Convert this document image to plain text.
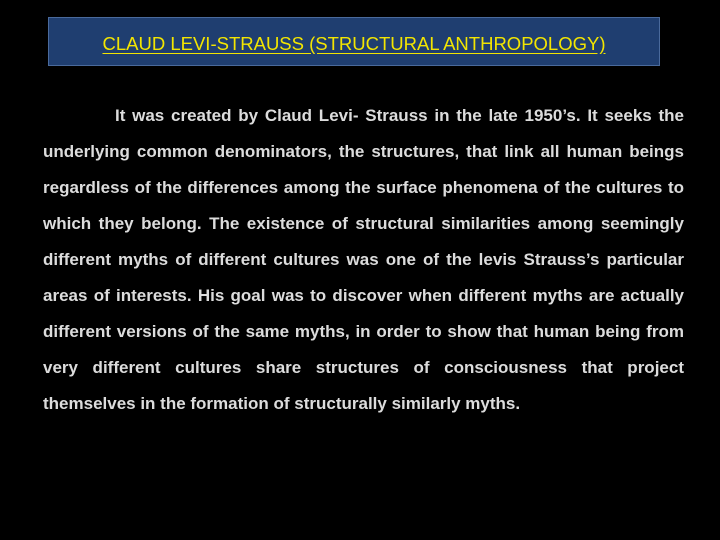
CLAUD LEVI-STRAUSS (STRUCTURAL ANTHROPOLOGY)

It was created by Claud Levi- Strauss in the late 1950’s. It seeks the underlying common denominators, the structures, that link all human beings regardless of the differences among the surface phenomena of the cultures to which they belong. The existence of structural similarities among seemingly different myths of different cultures was one of the levis Strauss’s particular areas of interests. His goal was to discover when different myths are actually different versions of the same myths, in order to show that human being from very different cultures share structures of consciousness that project themselves in the formation of structurally similarly myths.
